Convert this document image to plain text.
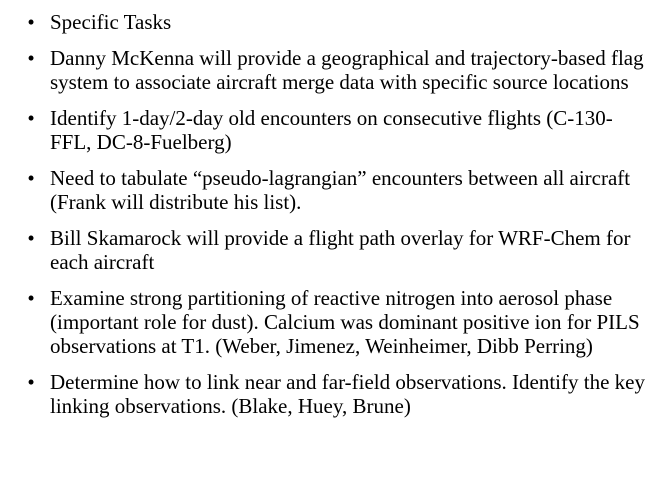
• Specific Tasks
• Danny McKenna will provide a geographical and trajectory-based flag system to associate aircraft merge data with specific source locations
• Identify 1-day/2-day old encounters on consecutive flights (C-130-FFL, DC-8-Fuelberg)
• Need to tabulate “pseudo-lagrangian” encounters between all aircraft (Frank will distribute his list).
• Bill Skamarock will provide a flight path overlay for WRF-Chem for each aircraft
• Examine strong partitioning of reactive nitrogen into aerosol phase (important role for dust). Calcium was dominant positive ion for PILS observations at T1. (Weber, Jimenez, Weinheimer, Dibb Perring)
• Determine how to link near and far-field observations. Identify the key linking observations. (Blake, Huey, Brune)
